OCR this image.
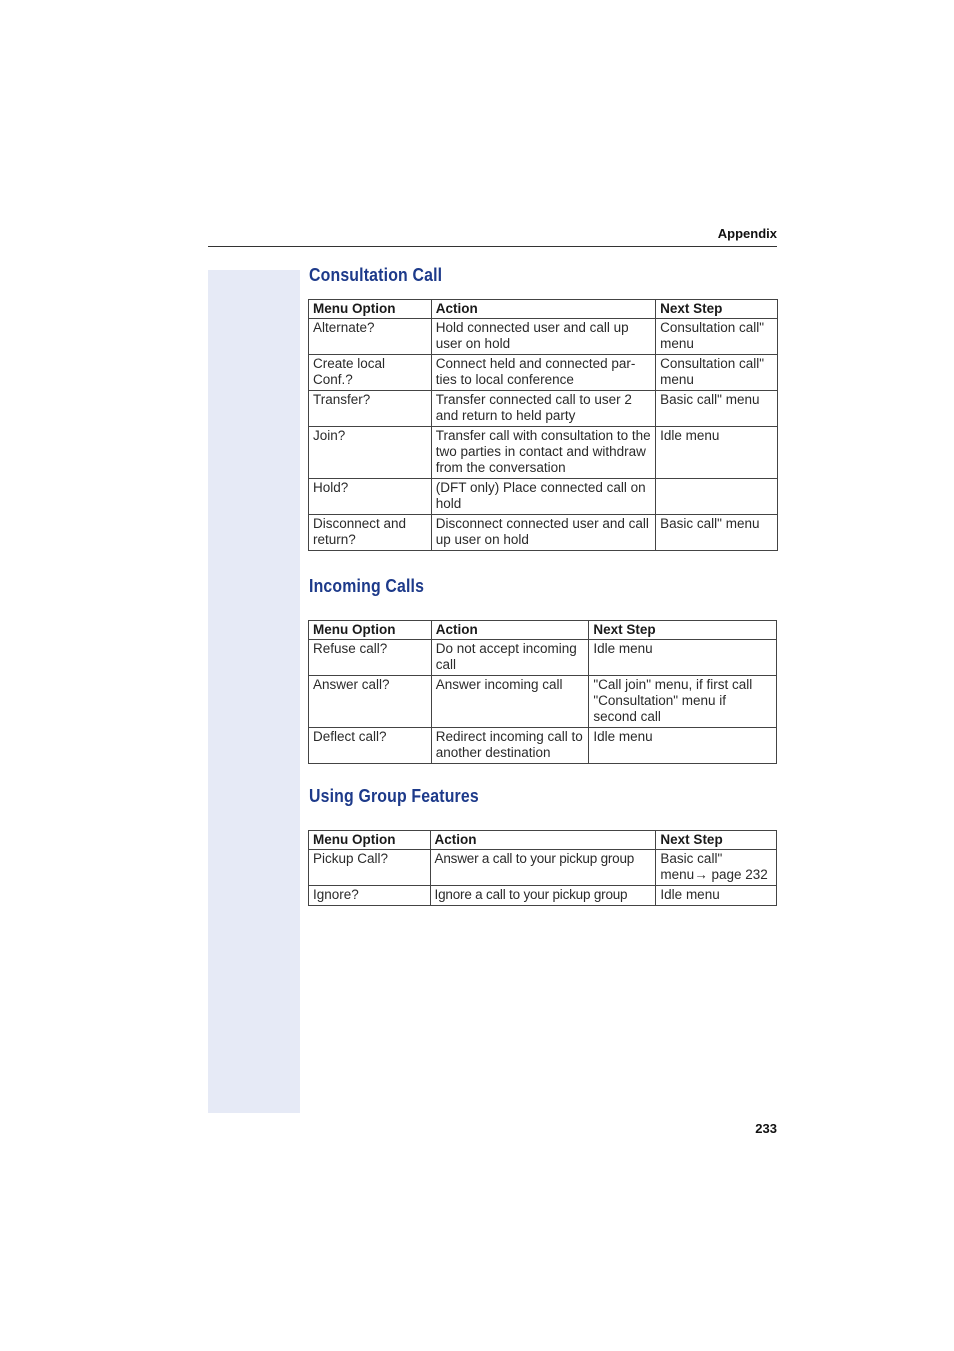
Appendix
Consultation Call
Menu Option	Action	Next Step
Alternate?	Hold connected user and call up user on hold	Consultation call" menu
Create local Conf.?	Connect held and connected par-ties to local conference	Consultation call" menu
Transfer?	Transfer connected call to user 2 and return to held party	Basic call" menu
Join?	Transfer call with consultation to the two parties in contact and withdraw from the conversation	Idle menu
Hold?	(DFT only) Place connected call on hold	
Disconnect and return?	Disconnect connected user and call up user on hold	Basic call" menu
Incoming Calls
Menu Option	Action	Next Step
Refuse call?	Do not accept incoming call	Idle menu
Answer call?	Answer incoming call	"Call join" menu, if first call "Consultation" menu if second call
Deflect call?	Redirect incoming call to another destination	Idle menu
Using Group Features
Menu Option	Action	Next Step
Pickup Call?	Answer a call to your pickup group	Basic call" menu→ page 232
Ignore?	Ignore a call to your pickup group	Idle menu
233
